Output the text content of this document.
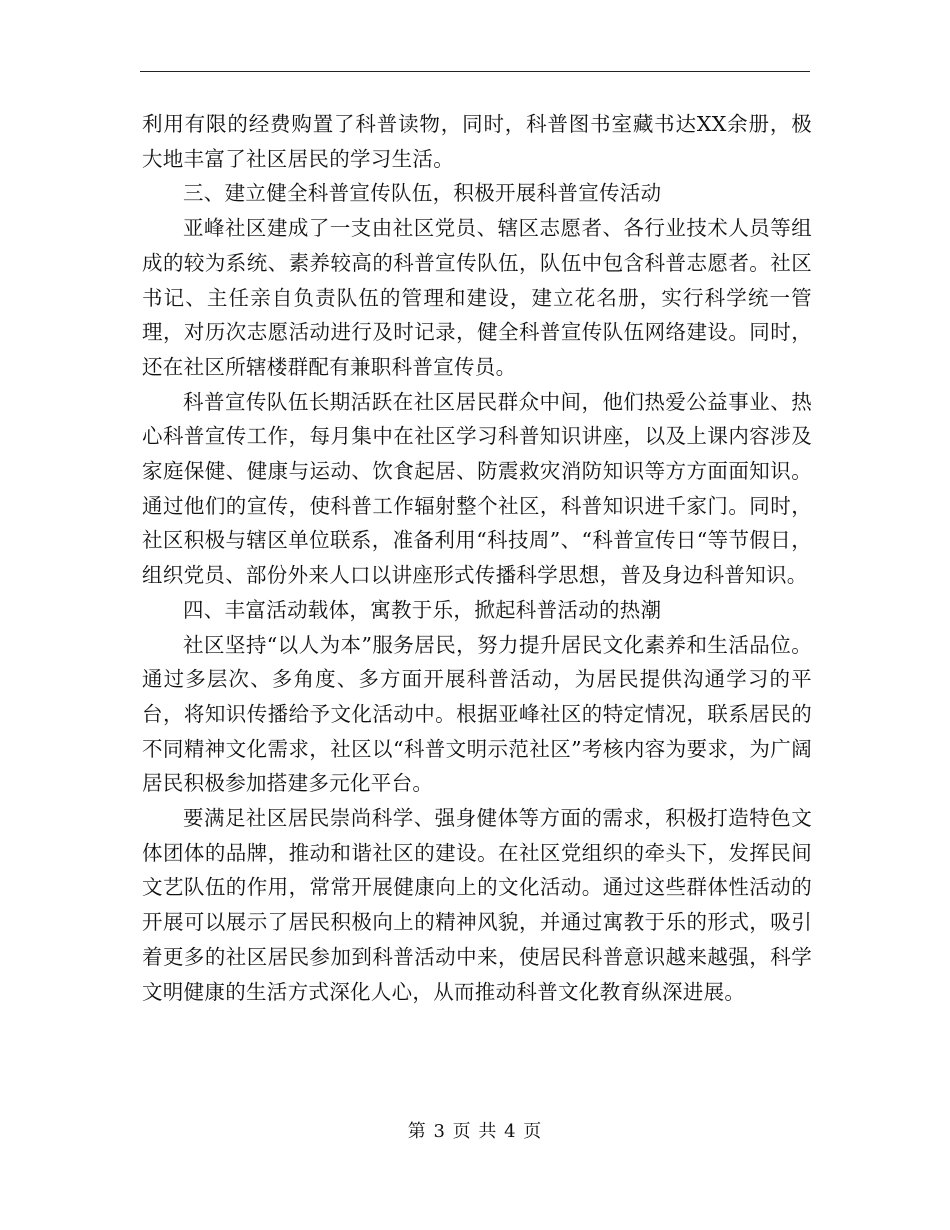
利用有限的经费购置了科普读物，同时，科普图书室藏书达XX余册，极大地丰富了社区居民的学习生活。

三、建立健全科普宣传队伍，积极开展科普宣传活动

亚峰社区建成了一支由社区党员、辖区志愿者、各行业技术人员等组成的较为系统、素养较高的科普宣传队伍，队伍中包含科普志愿者。社区书记、主任亲自负责队伍的管理和建设，建立花名册，实行科学统一管理，对历次志愿活动进行及时记录，健全科普宣传队伍网络建设。同时，还在社区所辖楼群配有兼职科普宣传员。

科普宣传队伍长期活跃在社区居民群众中间，他们热爱公益事业、热心科普宣传工作，每月集中在社区学习科普知识讲座，以及上课内容涉及家庭保健、健康与运动、饮食起居、防震救灾消防知识等方方面面知识。通过他们的宣传，使科普工作辐射整个社区，科普知识进千家门。同时，社区积极与辖区单位联系，准备利用“科技周”、“科普宣传日“等节假日，组织党员、部份外来人口以讲座形式传播科学思想，普及身边科普知识。

四、丰富活动载体，寓教于乐，掀起科普活动的热潮

社区坚持“以人为本”服务居民，努力提升居民文化素养和生活品位。通过多层次、多角度、多方面开展科普活动，为居民提供沟通学习的平台，将知识传播给予文化活动中。根据亚峰社区的特定情况，联系居民的不同精神文化需求，社区以“科普文明示范社区”考核内容为要求，为广阔居民积极参加搭建多元化平台。

要满足社区居民崇尚科学、强身健体等方面的需求，积极打造特色文体团体的品牌，推动和谐社区的建设。在社区党组织的牵头下，发挥民间文艺队伍的作用，常常开展健康向上的文化活动。通过这些群体性活动的开展可以展示了居民积极向上的精神风貌，并通过寓教于乐的形式，吸引着更多的社区居民参加到科普活动中来，使居民科普意识越来越强，科学文明健康的生活方式深化人心，从而推动科普文化教育纵深进展。

第 3 页 共 4 页
